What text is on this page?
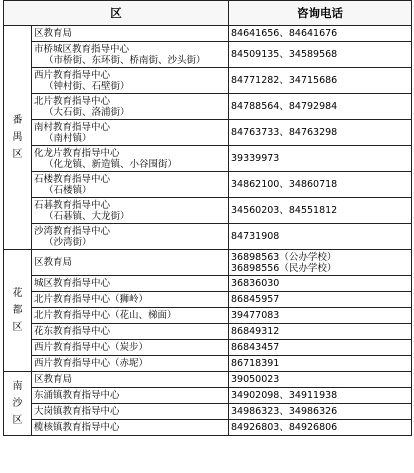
区		咨询电话

番
禺
区	区教育局	84641656、84641676

	市桥城区教育指导中心
（市桥街、东环街、桥南街、沙头街）	84509135、34589568

	西片教育指导中心
（钟村街、石壁街）	84771282、34715686

	北片教育指导中心
（大石街、洛浦街）	84788564、84792984

	南村教育指导中心
（南村镇）	84763733、84763298

	化龙片教育指导中心
（化龙镇、新造镇、小谷围街）	39339973

	石楼教育指导中心
（石楼镇）	34862100、34860718

	石碁教育指导中心
（石碁镇、大龙街）	34560203、84551812

	沙湾教育指导中心
（沙湾街）	84731908

花
都
区	区教育局	36898563（公办学校）
36898556（民办学校）

	城区教育指导中心	36836030

	北片教育指导中心（狮岭）	86845957

	北片教育指导中心（花山、梯面）	39477083

	花东教育指导中心	86849312

	西片教育指导中心（炭步）	86843457

	西片教育指导中心（赤坭）	86718391

南
沙
区	区教育局	39050023

	东涌镇教育指导中心	34902098、34911938

	大岗镇教育指导中心	34986323、34986326

	榄核镇教育指导中心	84926803、84926806
